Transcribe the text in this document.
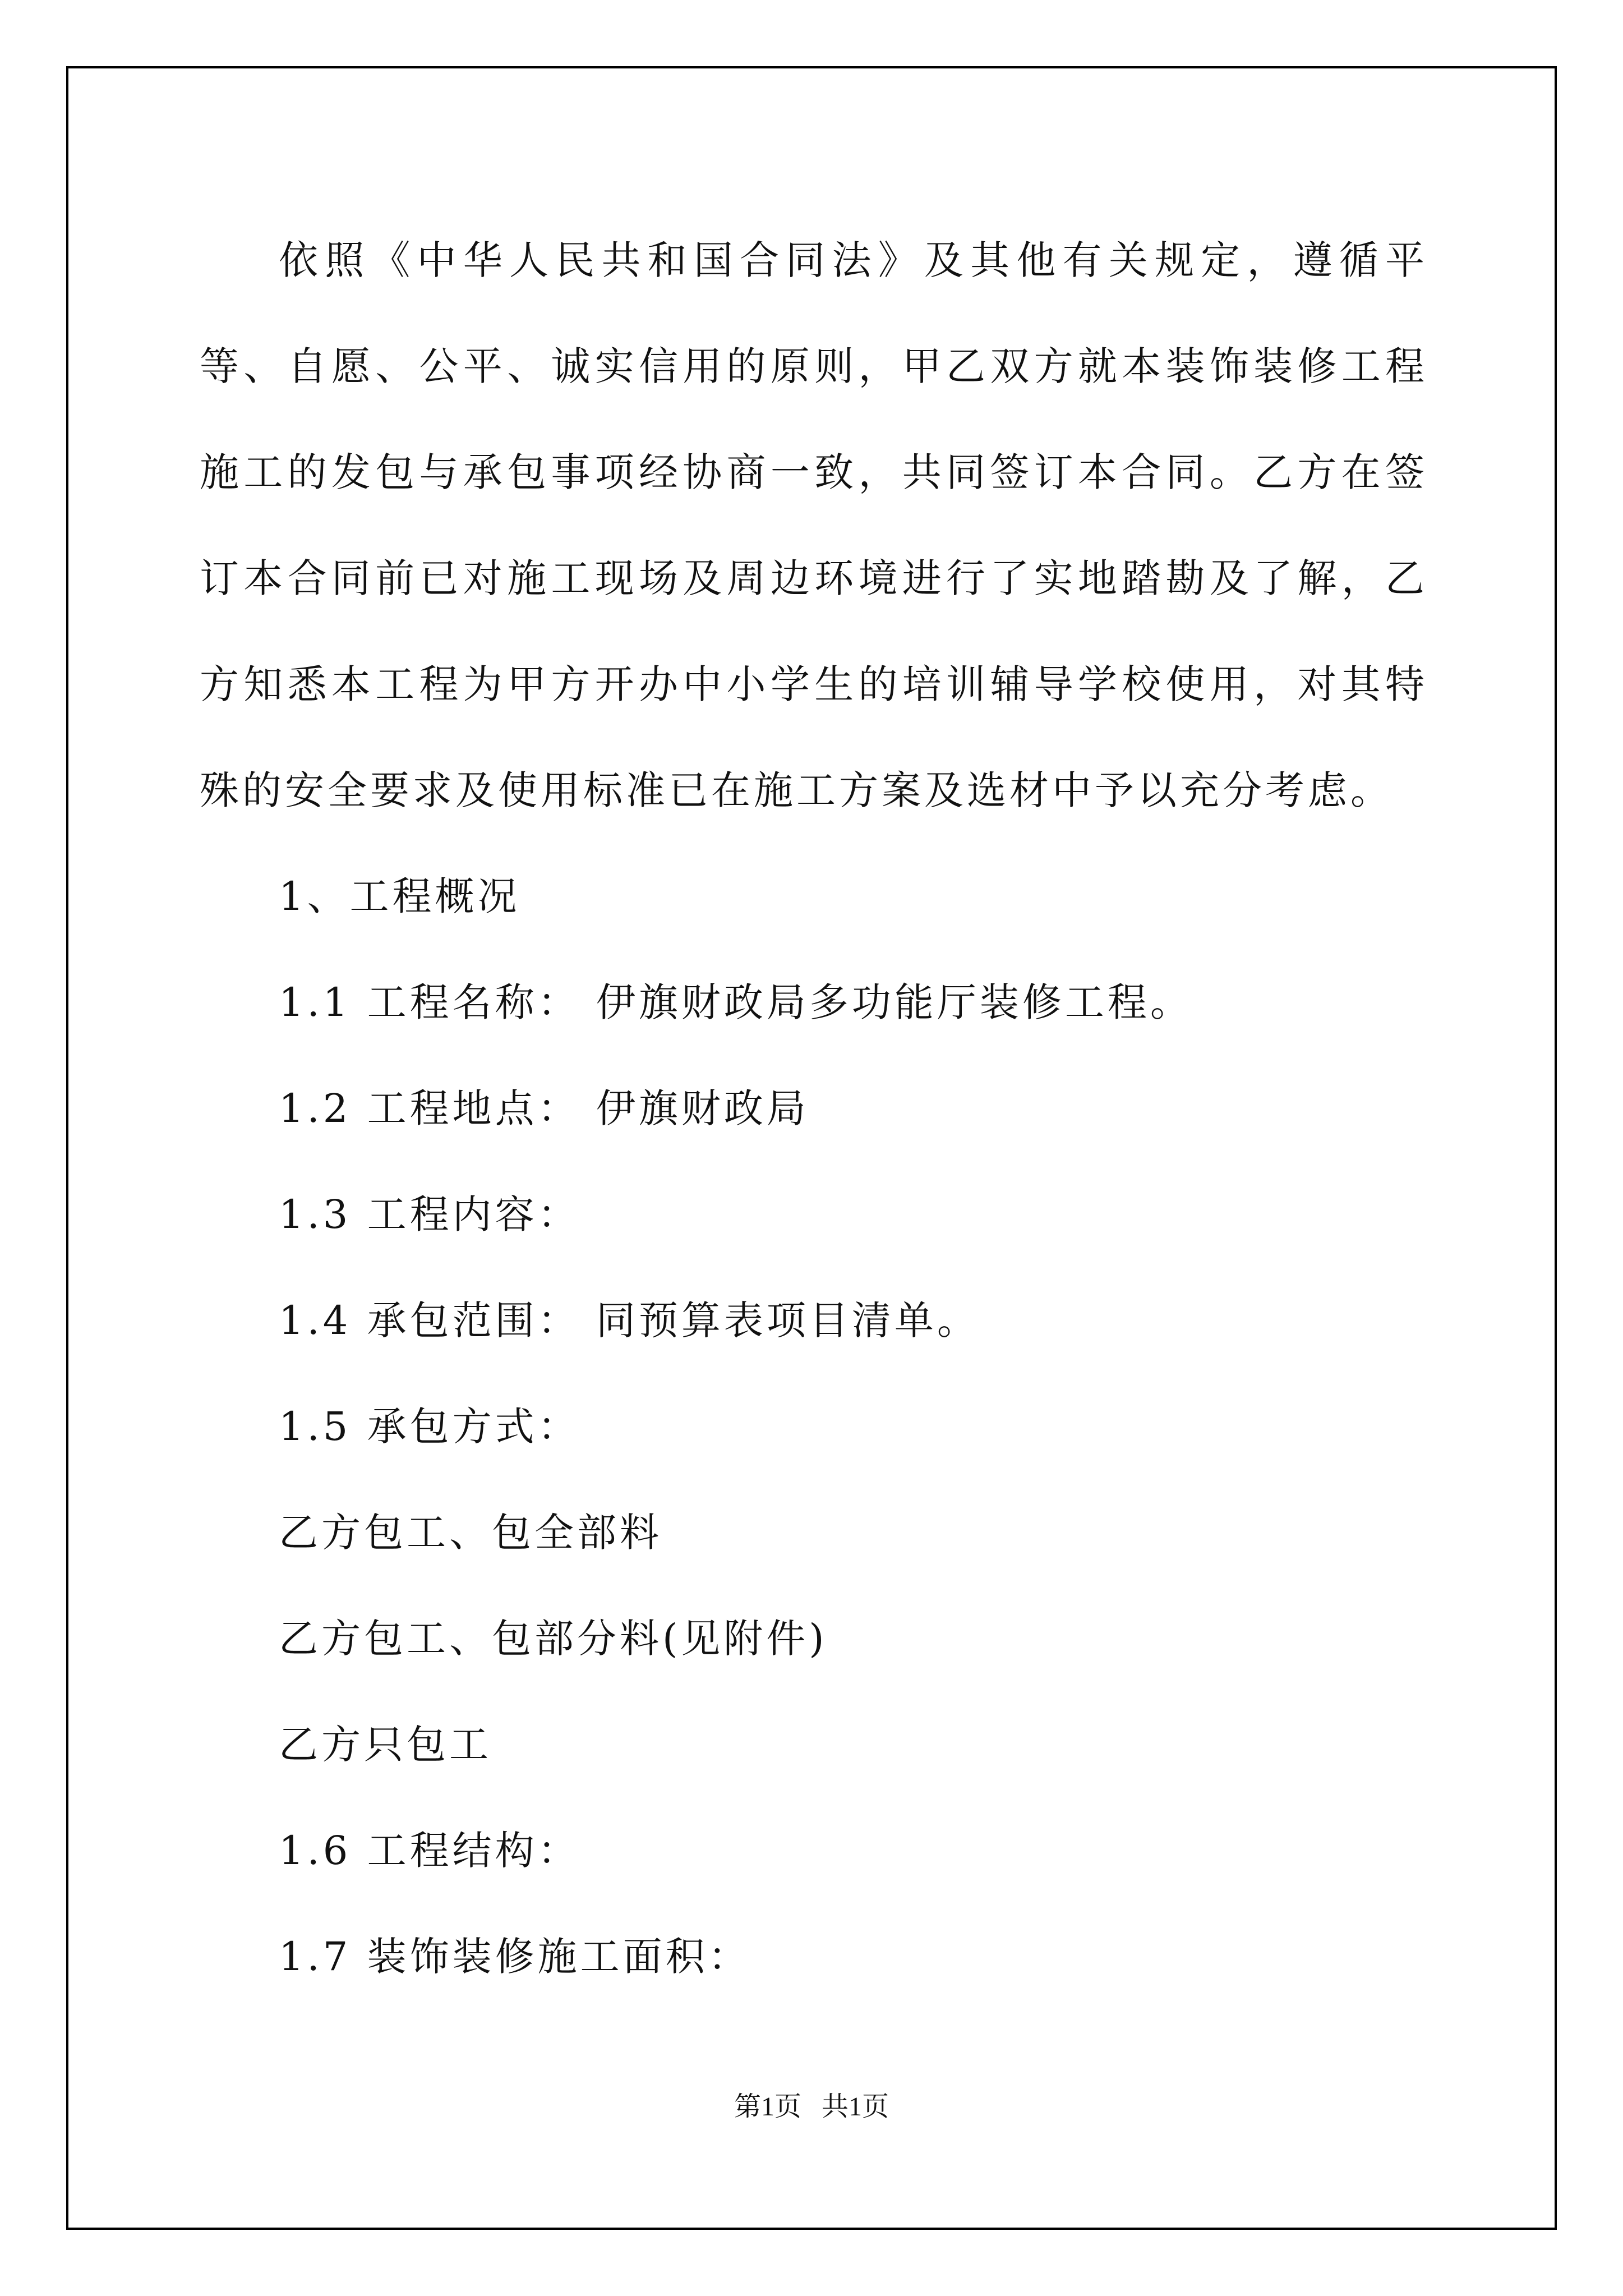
依照《中华人民共和国合同法》及其他有关规定，遵循平等、自愿、公平、诚实信用的原则，甲乙双方就本装饰装修工程施工的发包与承包事项经协商一致，共同签订本合同。乙方在签订本合同前已对施工现场及周边环境进行了实地踏勘及了解，乙方知悉本工程为甲方开办中小学生的培训辅导学校使用，对其特殊的安全要求及使用标准已在施工方案及选材中予以充分考虑。

1、工程概况

1.1 工程名称： 伊旗财政局多功能厅装修工程。

1.2 工程地点： 伊旗财政局

1.3 工程内容：

1.4 承包范围： 同预算表项目清单。

1.5 承包方式：

乙方包工、包全部料

乙方包工、包部分料(见附件)

乙方只包工

1.6 工程结构：

1.7 装饰装修施工面积：

第1页   共1页
